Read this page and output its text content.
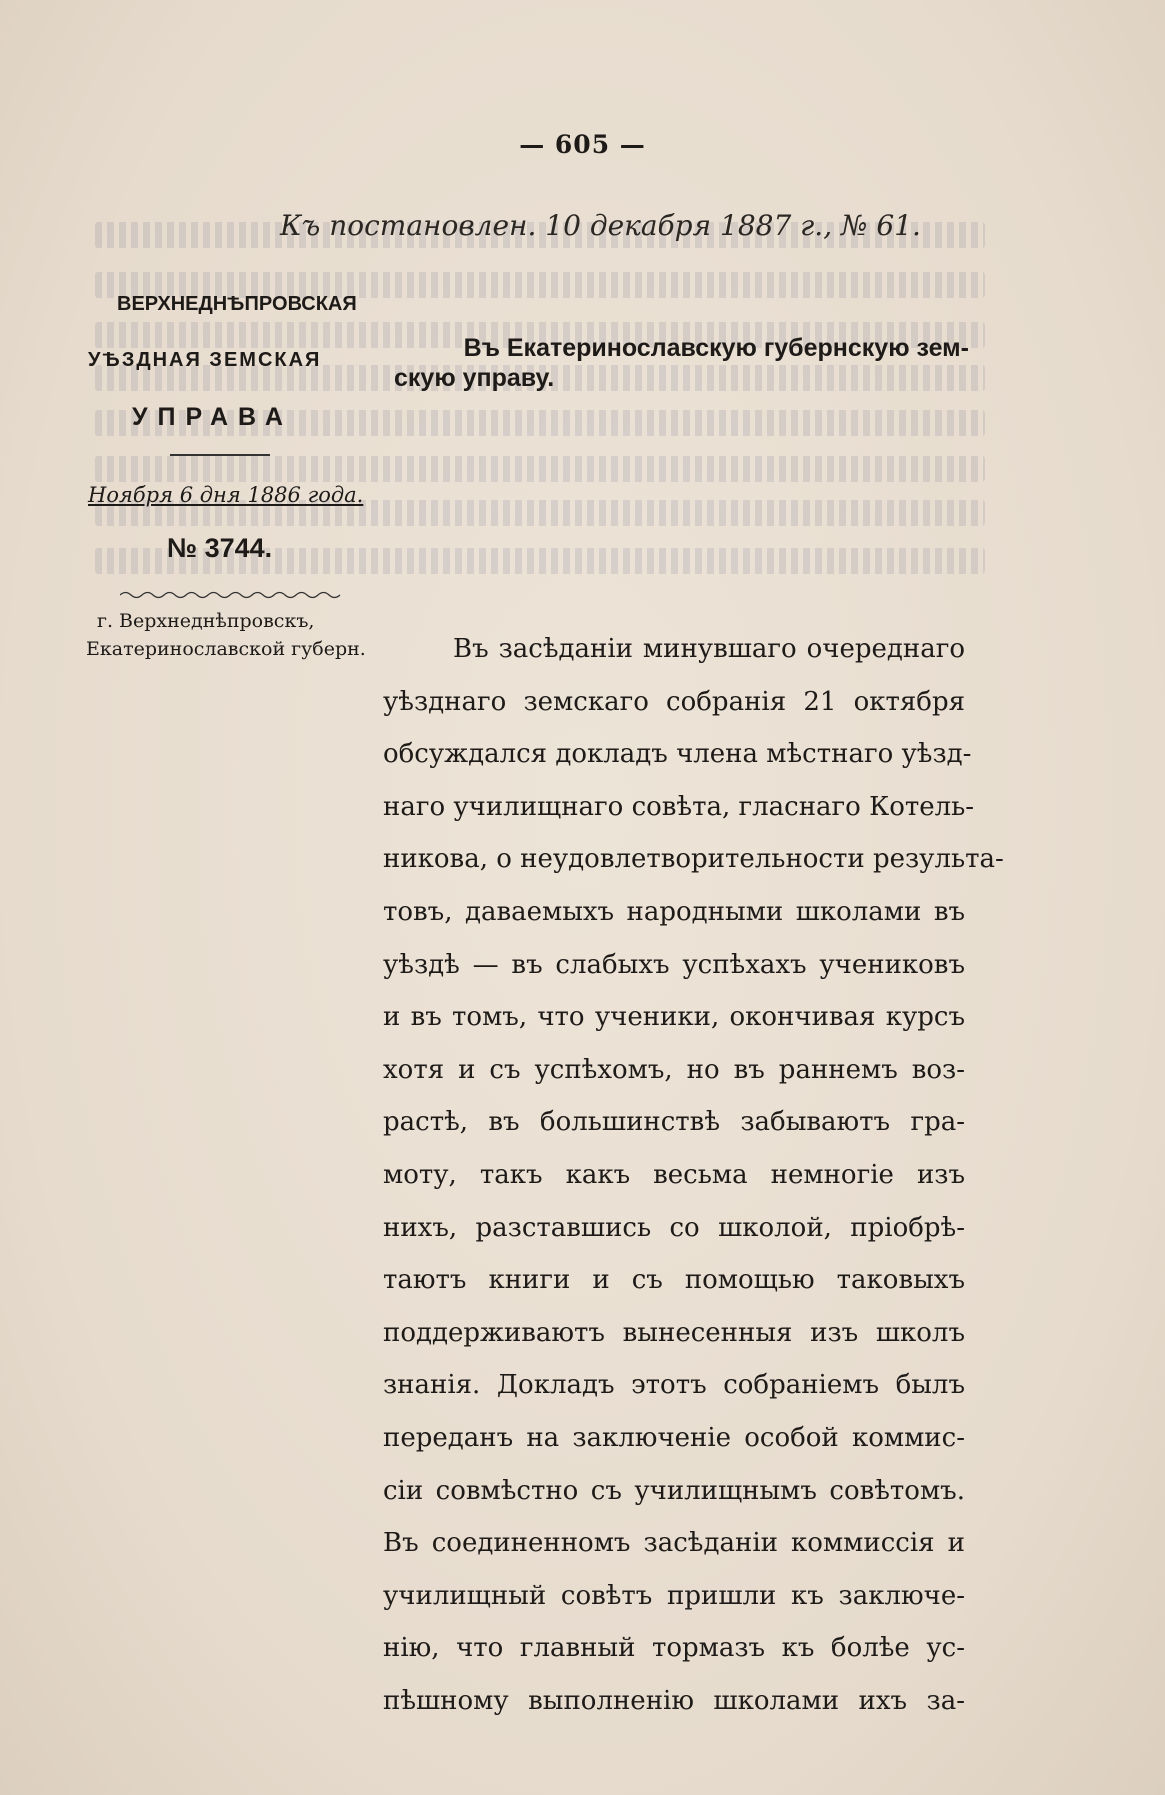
— 605 —
Къ постановлен. 10 декабря 1887 г., № 61.
ВЕРХНЕДНѢПРОВСКАЯ
УѢЗДНАЯ ЗЕМСКАЯ
УПРАВА
Въ Екатеринославскую губернскую зем-
скую управу.
Ноября 6 дня 1886 года.
№ 3744.
г. Верхнеднѣпровскъ,
Екатеринославской губерн.	Въ засѣданіи минувшаго очереднаго
уѣзднаго земскаго собранія 21 октября
обсуждался докладъ члена мѣстнаго уѣзд-
наго училищнаго совѣта, гласнаго Котель-
никова, о неудовлетворительности результа-
товъ, даваемыхъ народными школами въ
уѣздѣ — въ слабыхъ успѣхахъ учениковъ
и въ томъ, что ученики, окончивая курсъ
хотя и съ успѣхомъ, но въ раннемъ воз-
растѣ, въ большинствѣ забываютъ гра-
моту, такъ какъ весьма немногіе изъ
нихъ, разставшись со школой, пріобрѣ-
таютъ книги и съ помощью таковыхъ
поддерживаютъ вынесенныя изъ школъ
знанія. Докладъ этотъ собраніемъ былъ
переданъ на заключеніе особой коммис-
сіи совмѣстно съ училищнымъ совѣтомъ.
Въ соединенномъ засѣданіи коммиссія и
училищный совѣтъ пришли къ заключе-
нію, что главный тормазъ къ болѣе ус-
пѣшному выполненію школами ихъ за-
